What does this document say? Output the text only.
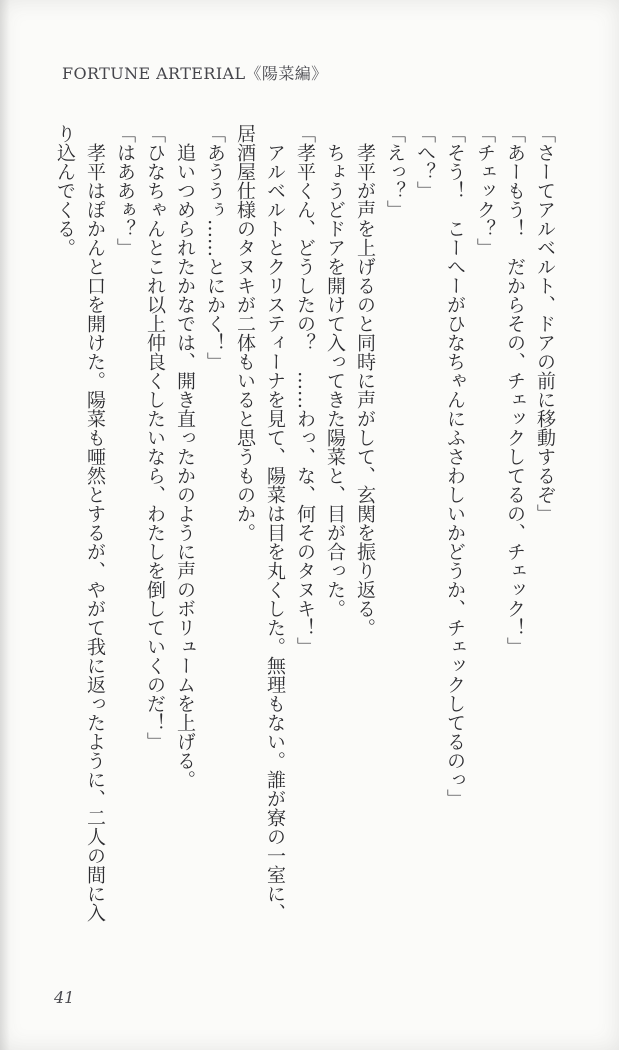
FORTUNE ARTERIAL《陽菜編》

「さーてアルベルト、ドアの前に移動するぞ」

「あーもう！　だからその、チェックしてるの、チェック！」

「チェック？」

「そう！　こーへーがひなちゃんにふさわしいかどうか、チェックしてるのっ」

「へ？」

「えっ？」

　孝平が声を上げるのと同時に声がして、玄関を振り返る。

　ちょうどドアを開けて入ってきた陽菜と、目が合った。

「孝平くん、どうしたの？　……わっ、な、何そのタヌキ！」

　アルベルトとクリスティーナを見て、陽菜は目を丸くした。無理もない。誰が寮の一室に、居酒屋仕様のタヌキが二体もいると思うものか。

「あううぅ……とにかく！」

　追いつめられたかなでは、開き直ったかのように声のボリュームを上げる。

「ひなちゃんとこれ以上仲良くしたいなら、わたしを倒していくのだ！」

「はああぁ？」

　孝平はぽかんと口を開けた。陽菜も唖然とするが、やがて我に返ったように、二人の間に入り込んでくる。

41
